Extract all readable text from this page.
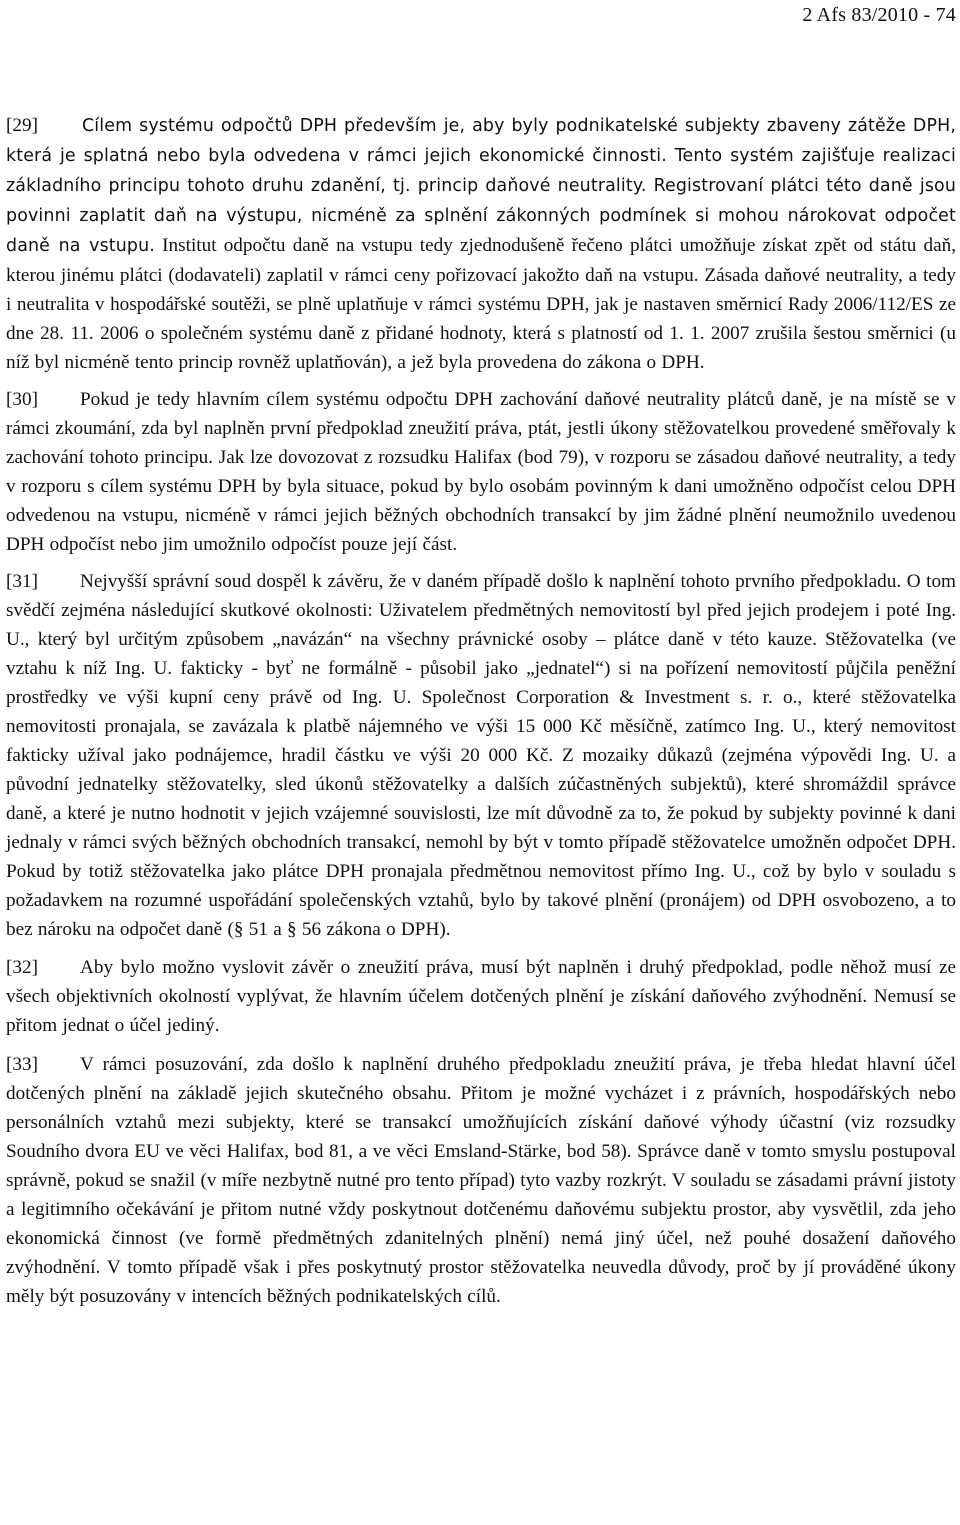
2 Afs 83/2010 - 74

[29]	Cílem systému odpočtů DPH především je, aby byly podnikatelské subjekty zbaveny zátěže DPH, která je splatná nebo byla odvedena v rámci jejich ekonomické činnosti. Tento systém zajišťuje realizaci základního principu tohoto druhu zdanění, tj. princip daňové neutrality. Registrovaní plátci této daně jsou povinni zaplatit daň na výstupu, nicméně za splnění zákonných podmínek si mohou nárokovat odpočet daně na vstupu. Institut odpočtu daně na vstupu tedy zjednodušeně řečeno plátci umožňuje získat zpět od státu daň, kterou jinému plátci (dodavateli) zaplatil v rámci ceny pořizovací jakožto daň na vstupu. Zásada daňové neutrality, a tedy i neutralita v hospodářské soutěži, se plně uplatňuje v rámci systému DPH, jak je nastaven směrnicí Rady 2006/112/ES ze dne 28. 11. 2006 o společném systému daně z přidané hodnoty, která s platností od 1. 1. 2007 zrušila šestou směrnici (u níž byl nicméně tento princip rovněž uplatňován), a jež byla provedena do zákona o DPH.

[30] Pokud je tedy hlavním cílem systému odpočtu DPH zachování daňové neutrality plátců daně, je na místě se v rámci zkoumání, zda byl naplněn první předpoklad zneužití práva, ptát, jestli úkony stěžovatelkou provedené směřovaly k zachování tohoto principu. Jak lze dovozovat z rozsudku Halifax (bod 79), v rozporu se zásadou daňové neutrality, a tedy v rozporu s cílem systému DPH by byla situace, pokud by bylo osobám povinným k dani umožněno odpočíst celou DPH odvedenou na vstupu, nicméně v rámci jejich běžných obchodních transakcí by jim žádné plnění neumožnilo uvedenou DPH odpočíst nebo jim umožnilo odpočíst pouze její část.

[31] Nejvyšší správní soud dospěl k závěru, že v daném případě došlo k naplnění tohoto prvního předpokladu. O tom svědčí zejména následující skutkové okolnosti: Uživatelem předmětných nemovitostí byl před jejich prodejem i poté Ing. U., který byl určitým způsobem „navázán“ na všechny právnické osoby – plátce daně v této kauze. Stěžovatelka (ve vztahu k níž Ing. U. fakticky - byť ne formálně - působil jako „jednatel“) si na pořízení nemovitostí půjčila peněžní prostředky ve výši kupní ceny právě od Ing. U. Společnost Corporation & Investment s. r. o., které stěžovatelka nemovitosti pronajala, se zavázala k platbě nájemného ve výši 15 000 Kč měsíčně, zatímco Ing. U., který nemovitost fakticky užíval jako podnájemce, hradil částku ve výši 20 000 Kč. Z mozaiky důkazů (zejména výpovědi Ing. U. a původní jednatelky stěžovatelky, sled úkonů stěžovatelky a dalších zúčastněných subjektů), které shromáždil správce daně, a které je nutno hodnotit v jejich vzájemné souvislosti, lze mít důvodně za to, že pokud by subjekty povinné k dani jednaly v rámci svých běžných obchodních transakcí, nemohl by být v tomto případě stěžovatelce umožněn odpočet DPH. Pokud by totiž stěžovatelka jako plátce DPH pronajala předmětnou nemovitost přímo Ing. U., což by bylo v souladu s požadavkem na rozumné uspořádání společenských vztahů, bylo by takové plnění (pronájem) od DPH osvobozeno, a to bez nároku na odpočet daně (§ 51 a § 56 zákona o DPH).

[32] Aby bylo možno vyslovit závěr o zneužití práva, musí být naplněn i druhý předpoklad, podle něhož musí ze všech objektivních okolností vyplývat, že hlavním účelem dotčených plnění je získání daňového zvýhodnění. Nemusí se přitom jednat o účel jediný.

[33] V rámci posuzování, zda došlo k naplnění druhého předpokladu zneužití práva, je třeba hledat hlavní účel dotčených plnění na základě jejich skutečného obsahu. Přitom je možné vycházet i z právních, hospodářských nebo personálních vztahů mezi subjekty, které se transakcí umožňujících získání daňové výhody účastní (viz rozsudky Soudního dvora EU ve věci Halifax, bod 81, a ve věci Emsland-Stärke, bod 58). Správce daně v tomto smyslu postupoval správně, pokud se snažil (v míře nezbytně nutné pro tento případ) tyto vazby rozkrýt. V souladu se zásadami právní jistoty a legitimního očekávání je přitom nutné vždy poskytnout dotčenému daňovému subjektu prostor, aby vysvětlil, zda jeho ekonomická činnost (ve formě předmětných zdanitelných plnění) nemá jiný účel, než pouhé dosažení daňového zvýhodnění. V tomto případě však i přes poskytnutý prostor stěžovatelka neuvedla důvody, proč by jí prováděné úkony měly být posuzovány v intencích běžných podnikatelských cílů.
